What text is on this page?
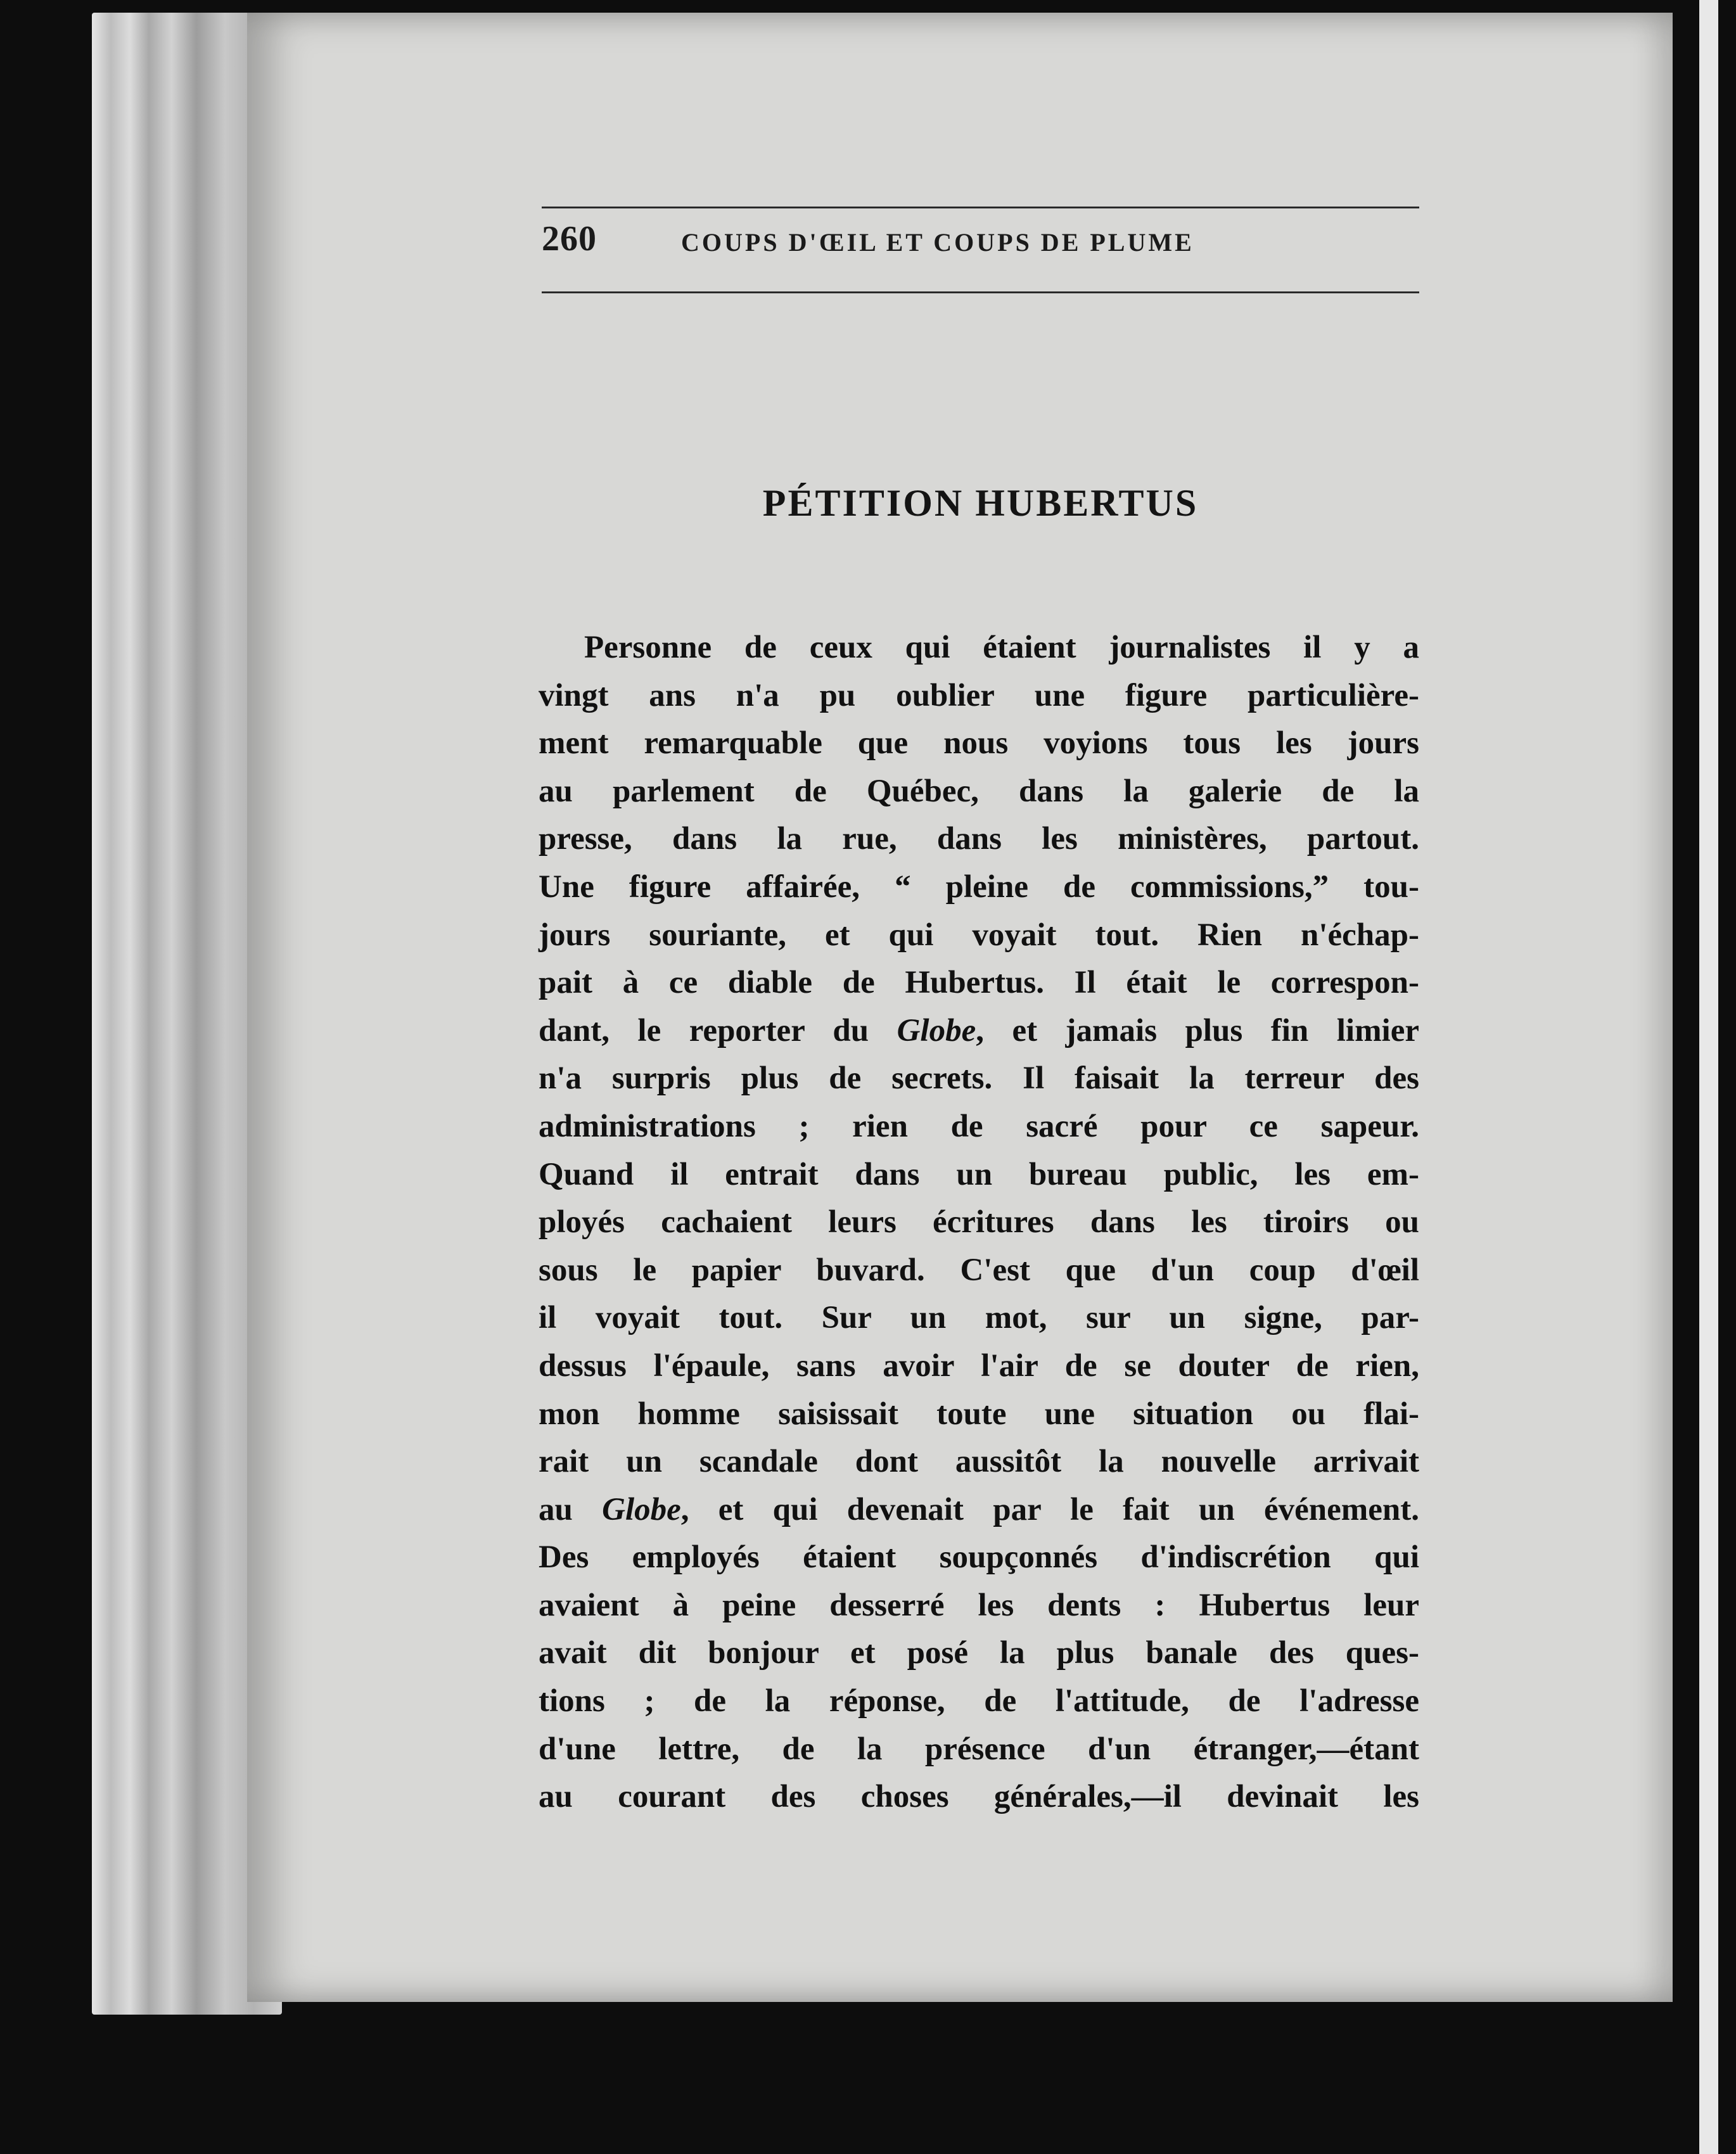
260	COUPS D'ŒIL ET COUPS DE PLUME
PÉTITION HUBERTUS
Personne de ceux qui étaient journalistes il y a
vingt ans n'a pu oublier une figure particulière-
ment remarquable que nous voyions tous les jours
au parlement de Québec, dans la galerie de la
presse, dans la rue, dans les ministères, partout.
Une figure affairée, “ pleine de commissions,” tou-
jours souriante, et qui voyait tout. Rien n'échap-
pait à ce diable de Hubertus. Il était le correspon-
dant, le reporter du Globe, et jamais plus fin limier
n'a surpris plus de secrets. Il faisait la terreur des
administrations ; rien de sacré pour ce sapeur.
Quand il entrait dans un bureau public, les em-
ployés cachaient leurs écritures dans les tiroirs ou
sous le papier buvard. C'est que d'un coup d'œil
il voyait tout. Sur un mot, sur un signe, par-
dessus l'épaule, sans avoir l'air de se douter de rien,
mon homme saisissait toute une situation ou flai-
rait un scandale dont aussitôt la nouvelle arrivait
au Globe, et qui devenait par le fait un événement.
Des employés étaient soupçonnés d'indiscrétion qui
avaient à peine desserré les dents : Hubertus leur
avait dit bonjour et posé la plus banale des ques-
tions ; de la réponse, de l'attitude, de l'adresse
d'une lettre, de la présence d'un étranger,—étant
au courant des choses générales,—il devinait les
